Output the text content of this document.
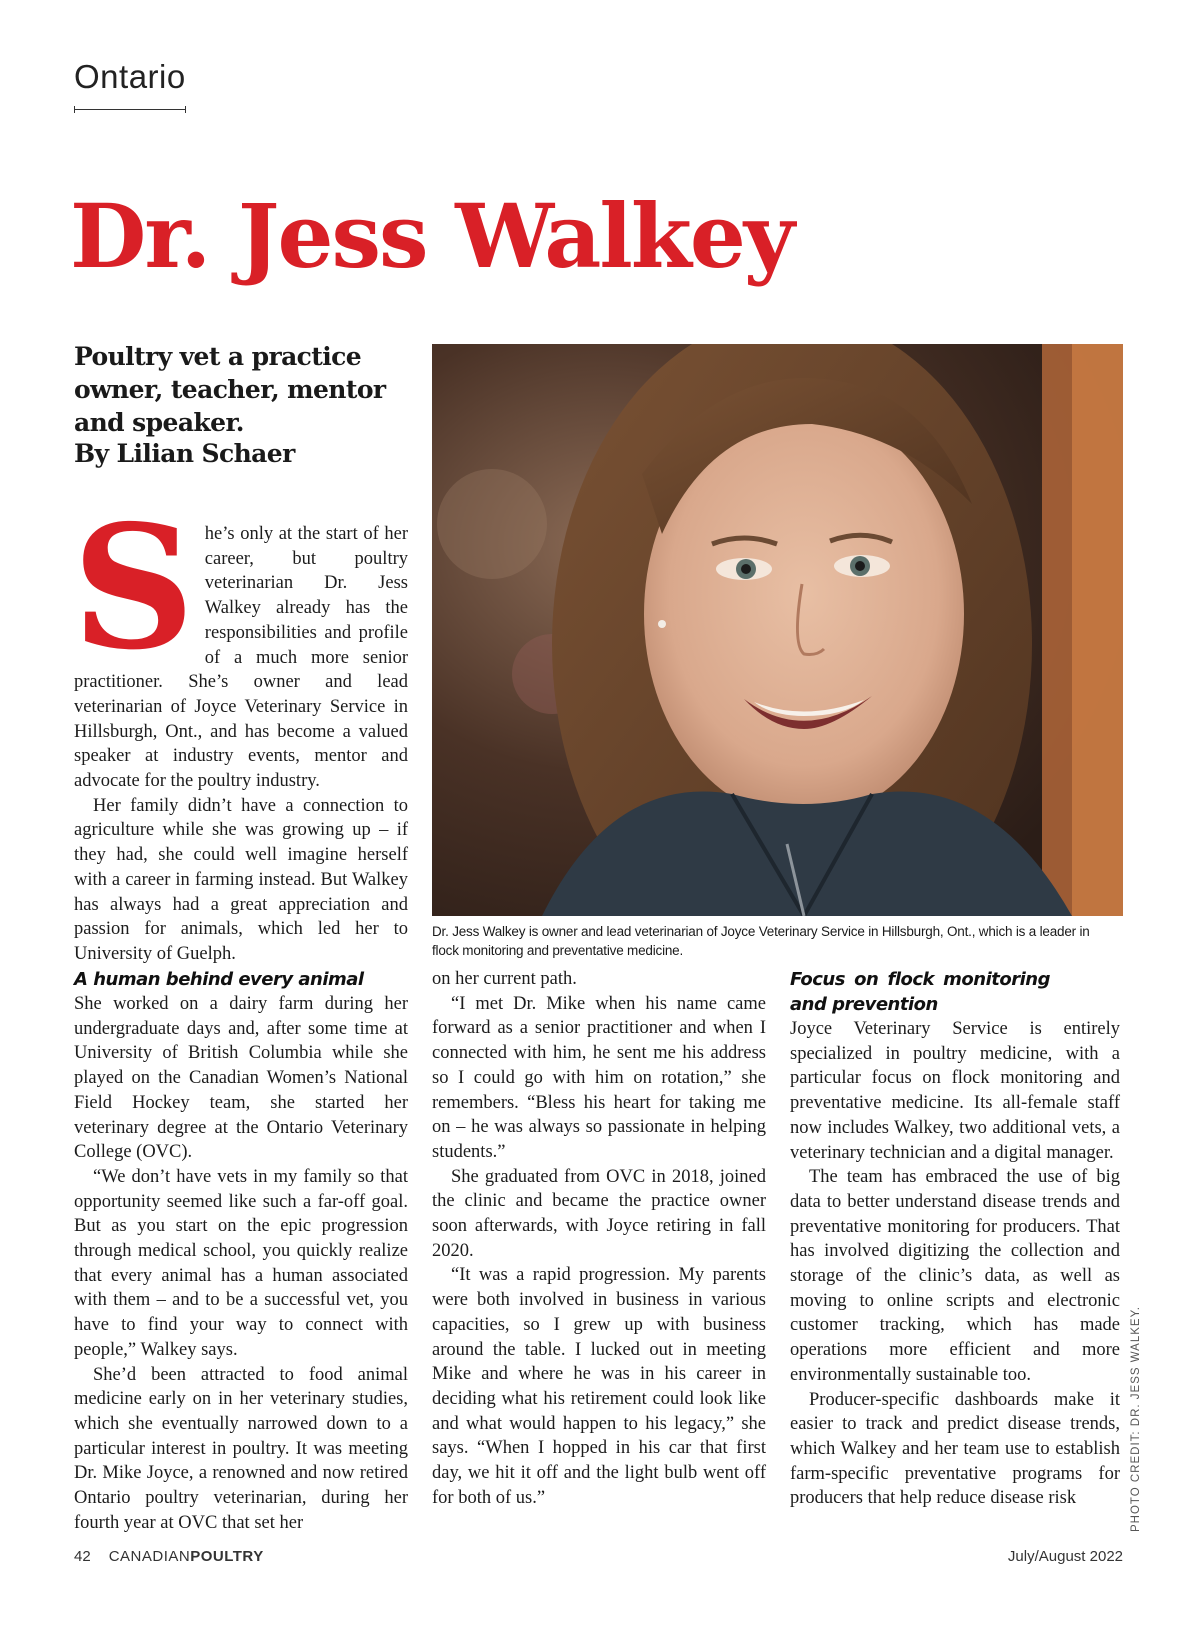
Ontario
Dr. Jess Walkey
Poultry vet a practice owner, teacher, mentor and speaker.
By Lilian Schaer
Dr. Jess Walkey is owner and lead veterinarian of Joyce Veterinary Service in Hillsburgh, Ont., which is a leader in flock monitoring and preventative medicine.
S he’s only at the start of her career, but poultry veterinarian Dr. Jess Walkey already has the responsibilities and profile of a much more senior practitioner. She’s owner and lead veterinarian of Joyce Veterinary Service in Hillsburgh, Ont., and has become a valued speaker at industry events, mentor and advocate for the poultry industry.

Her family didn’t have a connection to agriculture while she was growing up – if they had, she could well imagine herself with a career in farming instead. But Walkey has always had a great appreciation and passion for animals, which led her to University of Guelph.

A human behind every animal

She worked on a dairy farm during her undergraduate days and, after some time at University of British Columbia while she played on the Canadian Women’s National Field Hockey team, she started her veterinary degree at the Ontario Veterinary College (OVC).

“We don’t have vets in my family so that opportunity seemed like such a far-off goal. But as you start on the epic progression through medical school, you quickly realize that every animal has a human associated with them – and to be a successful vet, you have to find your way to connect with people,” Walkey says.

She’d been attracted to food animal medicine early on in her veterinary studies, which she eventually narrowed down to a particular interest in poultry. It was meeting Dr. Mike Joyce, a renowned and now retired Ontario poultry veterinarian, during her fourth year at OVC that set her

on her current path.

“I met Dr. Mike when his name came forward as a senior practitioner and when I connected with him, he sent me his address so I could go with him on rotation,” she remembers. “Bless his heart for taking me on – he was always so passionate in helping students.”

She graduated from OVC in 2018, joined the clinic and became the practice owner soon afterwards, with Joyce retiring in fall 2020.

“It was a rapid progression. My parents were both involved in business in various capacities, so I grew up with business around the table. I lucked out in meeting Mike and where he was in his career in deciding what his retirement could look like and what would happen to his legacy,” she says. “When I hopped in his car that first day, we hit it off and the light bulb went off for both of us.”

Focus on flock monitoring and prevention

Joyce Veterinary Service is entirely specialized in poultry medicine, with a particular focus on flock monitoring and preventative medicine. Its all-female staff now includes Walkey, two additional vets, a veterinary technician and a digital manager.

The team has embraced the use of big data to better understand disease trends and preventative monitoring for producers. That has involved digitizing the collection and storage of the clinic’s data, as well as moving to online scripts and electronic customer tracking, which has made operations more efficient and more environmentally sustainable too.

Producer-specific dashboards make it easier to track and predict disease trends, which Walkey and her team use to establish farm-specific preventative programs for producers that help reduce disease risk	PHOTO CREDIT: DR. JESS WALKEY.
42 CANADIANPOULTRY	July/August 2022
